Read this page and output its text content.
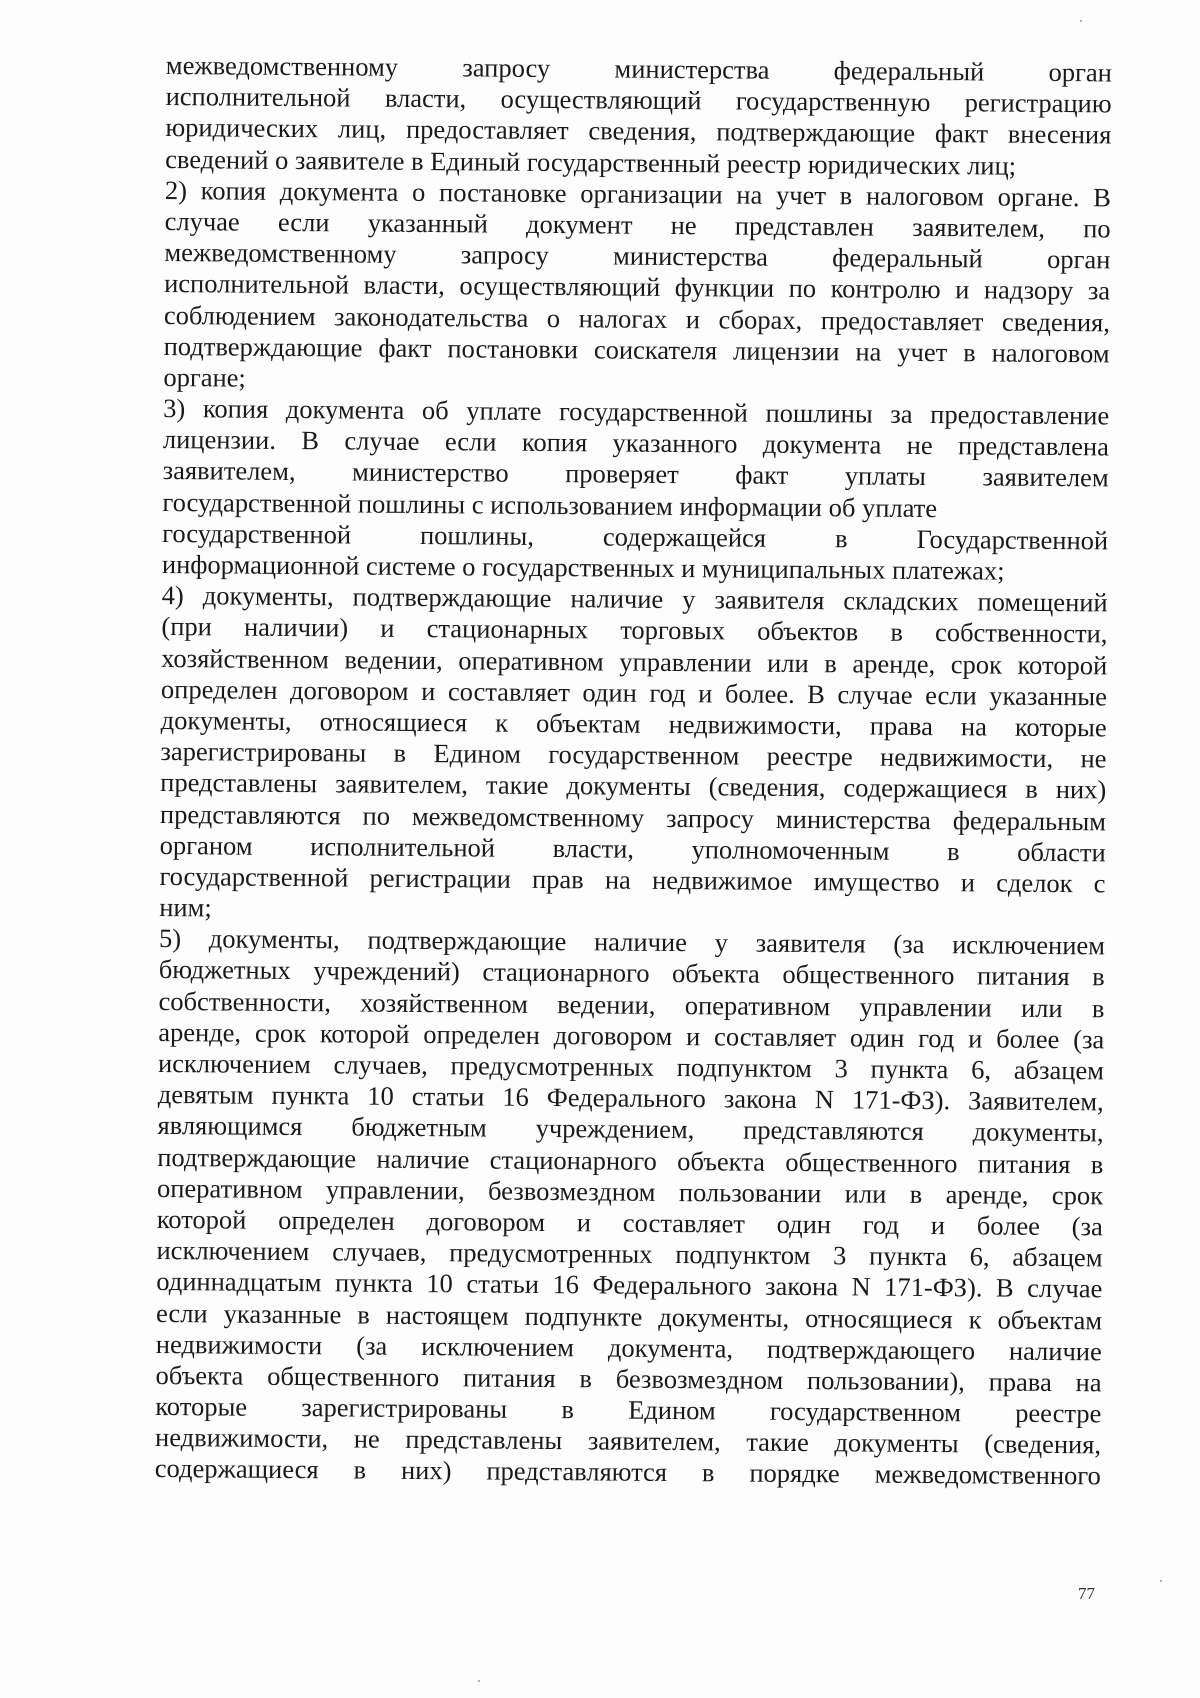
межведомственному запросу министерства федеральный орган
исполнительной власти, осуществляющий государственную регистрацию
юридических лиц, предоставляет сведения, подтверждающие факт внесения
сведений о заявителе в Единый государственный реестр юридических лиц;
2) копия документа о постановке организации на учет в налоговом органе. В
случае если указанный документ не представлен заявителем, по
межведомственному запросу министерства федеральный орган
исполнительной власти, осуществляющий функции по контролю и надзору за
соблюдением законодательства о налогах и сборах, предоставляет сведения,
подтверждающие факт постановки соискателя лицензии на учет в налоговом
органе;
3) копия документа об уплате государственной пошлины за предоставление
лицензии. В случае если копия указанного документа не представлена
заявителем, министерство проверяет факт уплаты заявителем
государственной пошлины с использованием информации об уплате
государственной пошлины, содержащейся в Государственной
информационной системе о государственных и муниципальных платежах;
4) документы, подтверждающие наличие у заявителя складских помещений
(при наличии) и стационарных торговых объектов в собственности,
хозяйственном ведении, оперативном управлении или в аренде, срок которой
определен договором и составляет один год и более. В случае если указанные
документы, относящиеся к объектам недвижимости, права на которые
зарегистрированы в Едином государственном реестре недвижимости, не
представлены заявителем, такие документы (сведения, содержащиеся в них)
представляются по межведомственному запросу министерства федеральным
органом исполнительной власти, уполномоченным в области
государственной регистрации прав на недвижимое имущество и сделок с
ним;
5) документы, подтверждающие наличие у заявителя (за исключением
бюджетных учреждений) стационарного объекта общественного питания в
собственности, хозяйственном ведении, оперативном управлении или в
аренде, срок которой определен договором и составляет один год и более (за
исключением случаев, предусмотренных подпунктом 3 пункта 6, абзацем
девятым пункта 10 статьи 16 Федерального закона N 171-ФЗ). Заявителем,
являющимся бюджетным учреждением, представляются документы,
подтверждающие наличие стационарного объекта общественного питания в
оперативном управлении, безвозмездном пользовании или в аренде, срок
которой определен договором и составляет один год и более (за
исключением случаев, предусмотренных подпунктом 3 пункта 6, абзацем
одиннадцатым пункта 10 статьи 16 Федерального закона N 171-ФЗ). В случае
если указанные в настоящем подпункте документы, относящиеся к объектам
недвижимости (за исключением документа, подтверждающего наличие
объекта общественного питания в безвозмездном пользовании), права на
которые зарегистрированы в Едином государственном реестре
недвижимости, не представлены заявителем, такие документы (сведения,
содержащиеся в них) представляются в порядке межведомственного
77
